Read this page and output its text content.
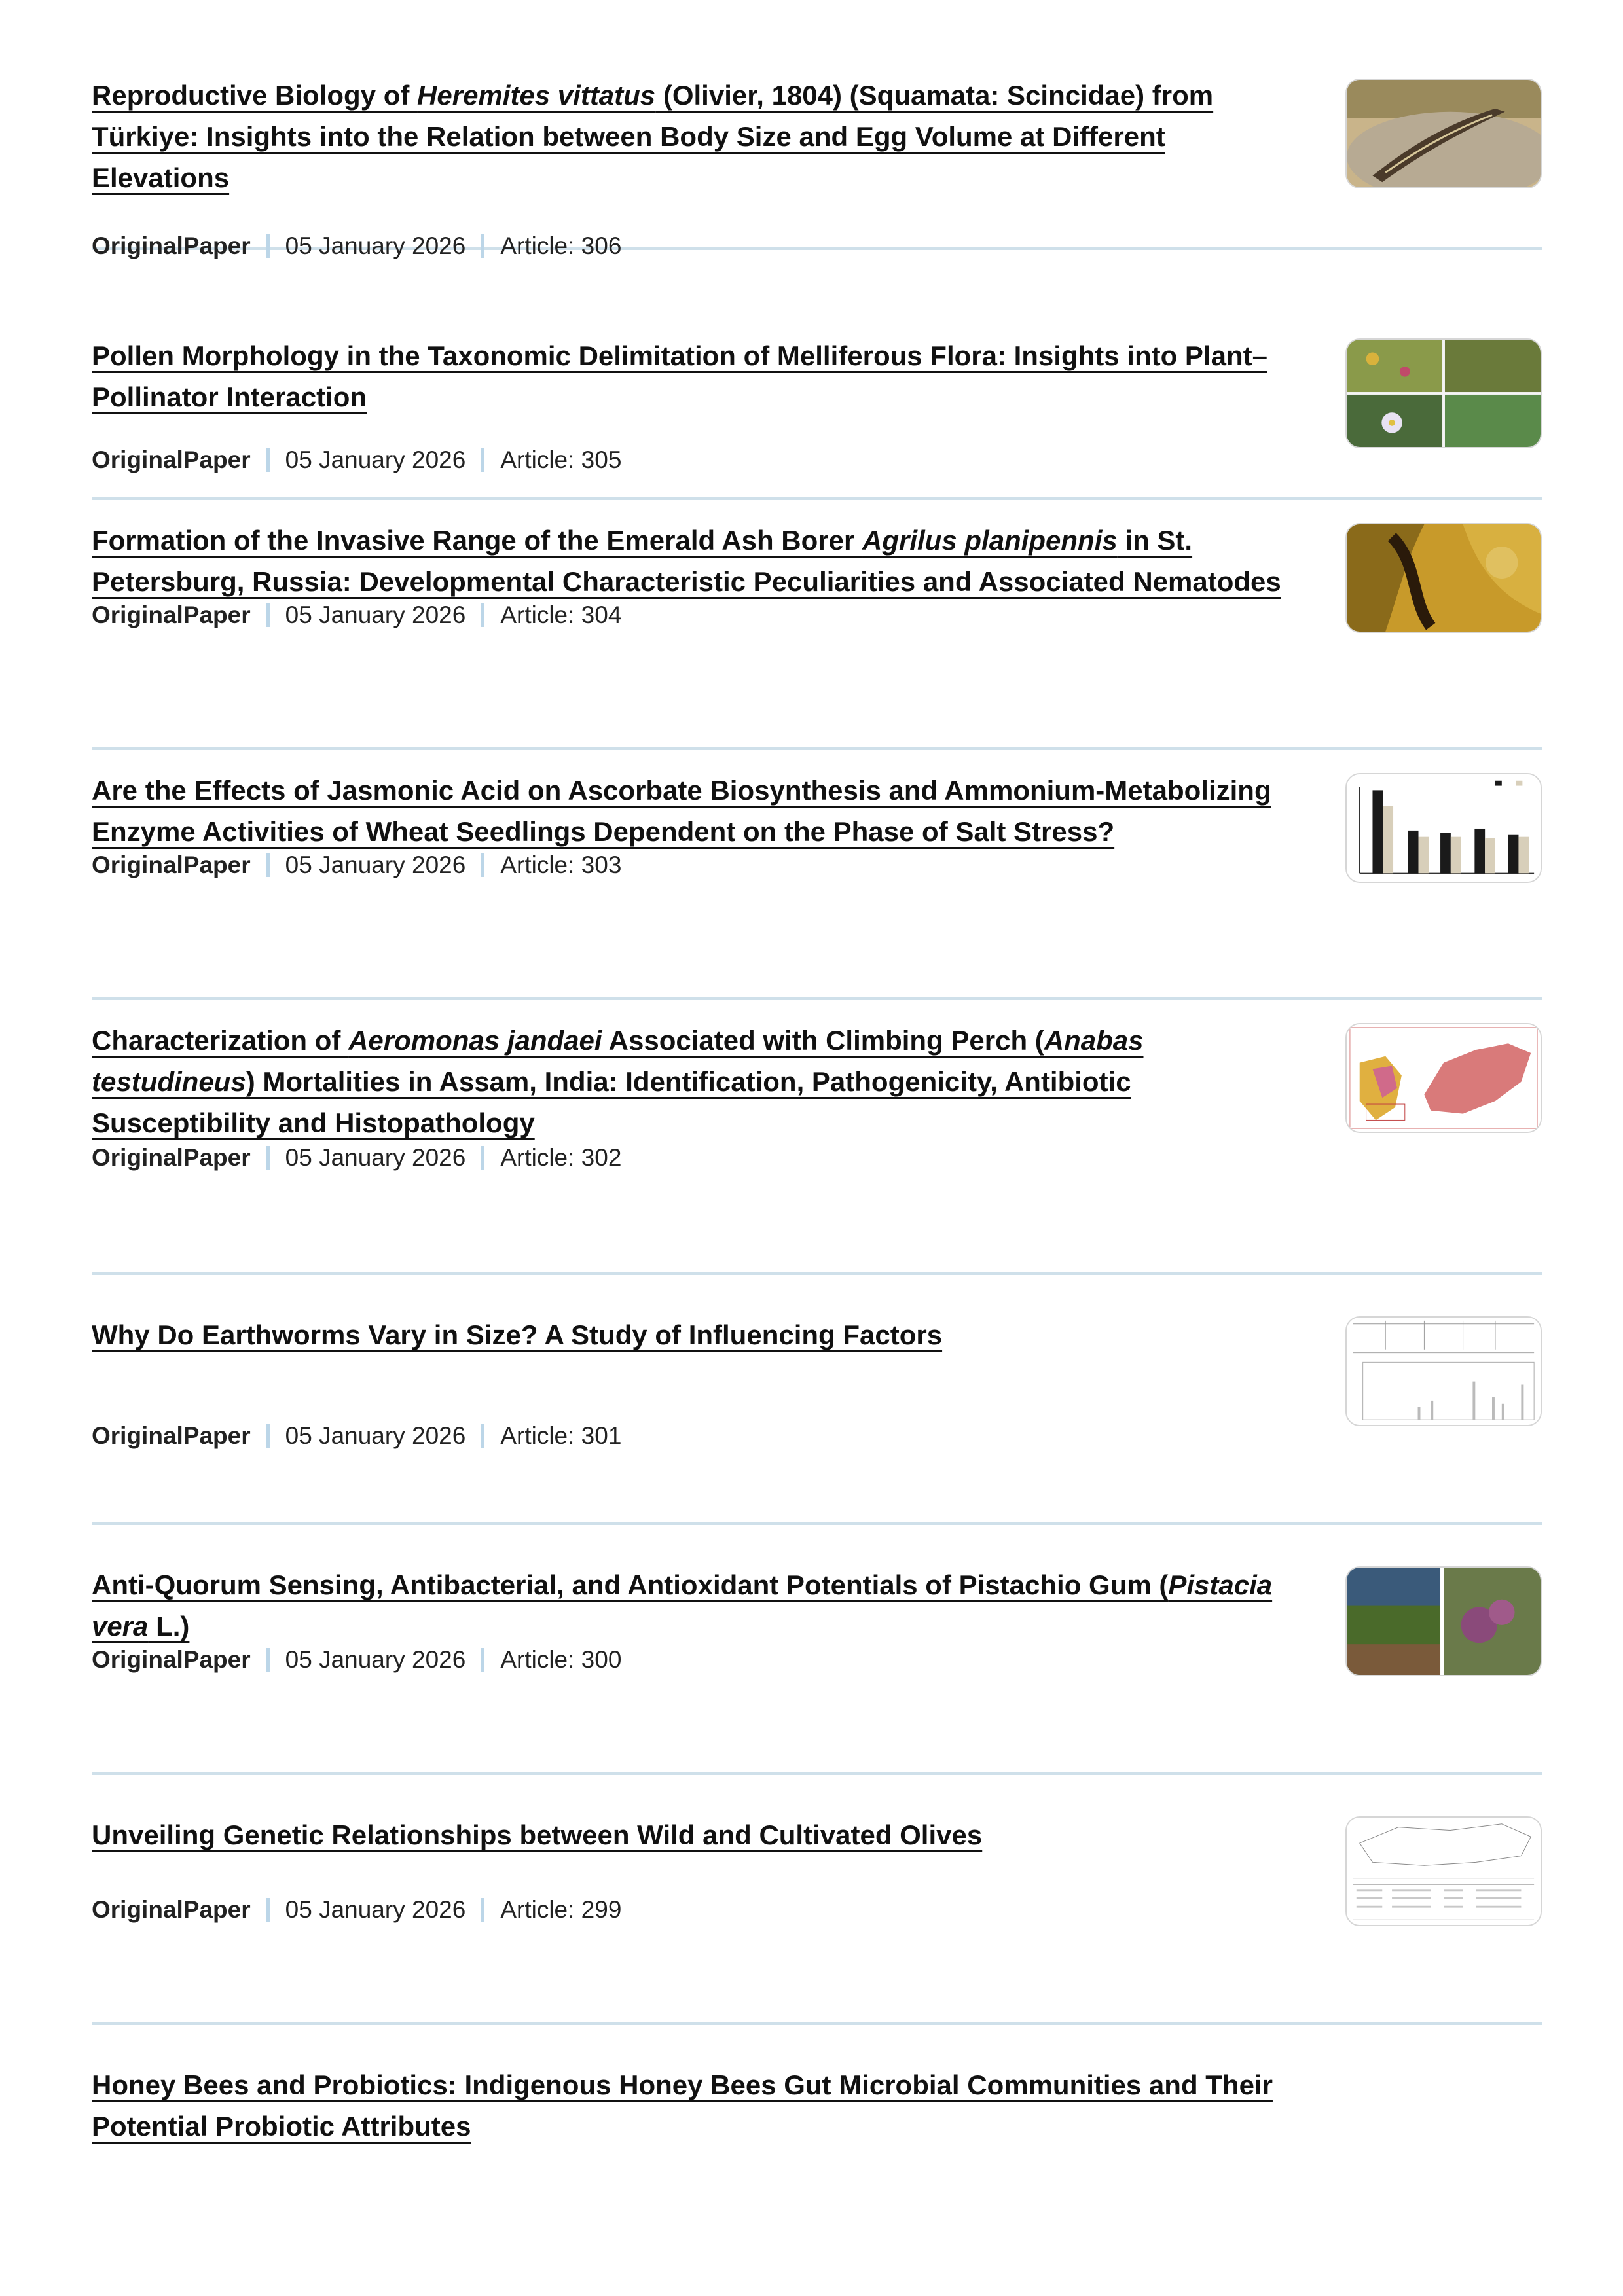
Reproductive Biology of Heremites vittatus (Olivier, 1804) (Squamata: Scincidae) from Türkiye: Insights into the Relation between Body Size and Egg Volume at Different Elevations
OriginalPaper 05 January 2026 Article: 306
Pollen Morphology in the Taxonomic Delimitation of Melliferous Flora: Insights into Plant–Pollinator Interaction
OriginalPaper 05 January 2026 Article: 305
Formation of the Invasive Range of the Emerald Ash Borer Agrilus planipennis in St. Petersburg, Russia: Developmental Characteristic Peculiarities and Associated Nematodes
OriginalPaper 05 January 2026 Article: 304
Are the Effects of Jasmonic Acid on Ascorbate Biosynthesis and Ammonium-Metabolizing Enzyme Activities of Wheat Seedlings Dependent on the Phase of Salt Stress?
OriginalPaper 05 January 2026 Article: 303
Characterization of Aeromonas jandaei Associated with Climbing Perch (Anabas testudineus) Mortalities in Assam, India: Identification, Pathogenicity, Antibiotic Susceptibility and Histopathology
OriginalPaper 05 January 2026 Article: 302
Why Do Earthworms Vary in Size? A Study of Influencing Factors
OriginalPaper 05 January 2026 Article: 301
Anti-Quorum Sensing, Antibacterial, and Antioxidant Potentials of Pistachio Gum (Pistacia vera L.)
OriginalPaper 05 January 2026 Article: 300
Unveiling Genetic Relationships between Wild and Cultivated Olives
OriginalPaper 05 January 2026 Article: 299
Honey Bees and Probiotics: Indigenous Honey Bees Gut Microbial Communities and Their Potential Probiotic Attributes
